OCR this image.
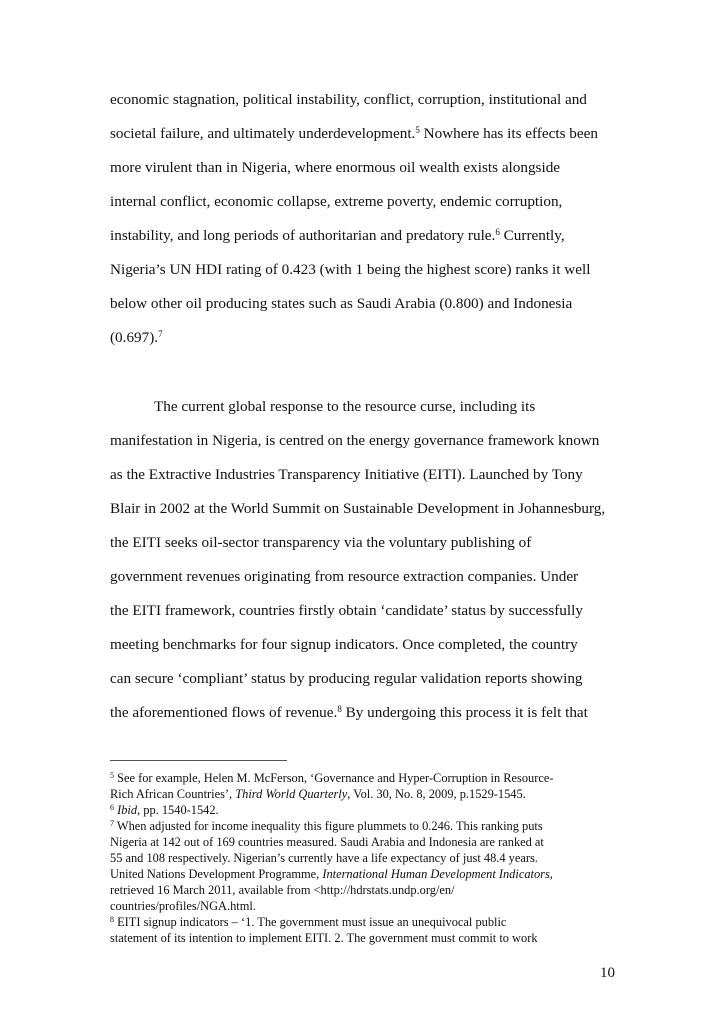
economic stagnation, political instability, conflict, corruption, institutional and
societal failure, and ultimately underdevelopment.$^5$ Nowhere has its effects been
more virulent than in Nigeria, where enormous oil wealth exists alongside
internal conflict, economic collapse, extreme poverty, endemic corruption,
instability, and long periods of authoritarian and predatory rule.$^6$ Currently,
Nigeria’s UN HDI rating of 0.423 (with 1 being the highest score) ranks it well
below other oil producing states such as Saudi Arabia (0.800) and Indonesia
(0.697).$^7$
The current global response to the resource curse, including its
manifestation in Nigeria, is centred on the energy governance framework known
as the Extractive Industries Transparency Initiative (EITI). Launched by Tony
Blair in 2002 at the World Summit on Sustainable Development in Johannesburg,
the EITI seeks oil-sector transparency via the voluntary publishing of
government revenues originating from resource extraction companies. Under
the EITI framework, countries firstly obtain ‘candidate’ status by successfully
meeting benchmarks for four signup indicators. Once completed, the country
can secure ‘compliant’ status by producing regular validation reports showing
the aforementioned flows of revenue.$^8$ By undergoing this process it is felt that
$^5$ See for example, Helen M. McFerson, ‘Governance and Hyper-Corruption in Resource-
Rich African Countries’, Third World Quarterly, Vol. 30, No. 8, 2009, p.1529-1545.
$^6$ Ibid, pp. 1540-1542.
$^7$ When adjusted for income inequality this figure plummets to 0.246. This ranking puts
Nigeria at 142 out of 169 countries measured. Saudi Arabia and Indonesia are ranked at
55 and 108 respectively. Nigerian’s currently have a life expectancy of just 48.4 years.
United Nations Development Programme, International Human Development Indicators,
retrieved 16 March 2011, available from <http://hdrstats.undp.org/en/
countries/profiles/NGA.html.
$^8$ EITI signup indicators – ‘1. The government must issue an unequivocal public
statement of its intention to implement EITI. 2. The government must commit to work
10
